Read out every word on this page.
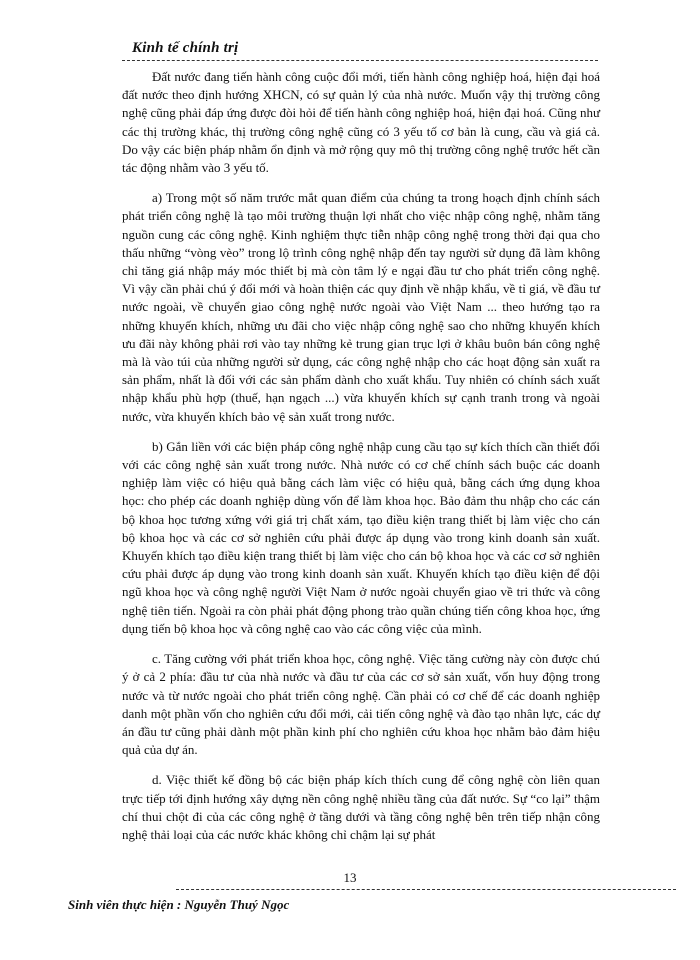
Kinh tế chính trị

Đất nước đang tiến hành công cuộc đổi mới, tiến hành công nghiệp hoá, hiện đại hoá đất nước theo định hướng XHCN, có sự quản lý của nhà nước. Muốn vậy thị trường công nghệ cũng phải đáp ứng được đòi hỏi để tiến hành công nghiệp hoá, hiện đại hoá. Cũng như các thị trường khác, thị trường công nghệ cũng có 3 yếu tố cơ bản là cung, cầu và giá cả. Do vậy các biện pháp nhằm ổn định và mở rộng quy mô thị trường công nghệ trước hết cần tác động nhằm vào 3 yếu tố.

a) Trong một số năm trước mắt quan điểm của chúng ta trong hoạch định chính sách phát triển công nghệ là tạo môi trường thuận lợi nhất cho việc nhập công nghệ, nhằm tăng nguồn cung các công nghệ. Kinh nghiệm thực tiễn nhập công nghệ trong thời đại qua cho thấu những “vòng vèo” trong lộ trình công nghệ nhập đến tay người sử dụng đã làm không chỉ tăng giá nhập máy móc thiết bị mà còn tâm lý e ngại đầu tư cho phát triển công nghệ. Vì vậy cần phải chú ý đổi mới và hoàn thiện các quy định về nhập khẩu, về tỉ giá, về đầu tư nước ngoài, về chuyển giao công nghệ nước ngoài vào Việt Nam ... theo hướng tạo ra những khuyến khích, những ưu đãi cho việc nhập công nghệ sao cho những khuyến khích ưu đãi này không phải rơi vào tay những kẻ trung gian trục lợi ở khâu buôn bán công nghệ mà là vào túi của những người sử dụng, các công nghệ nhập cho các hoạt động sản xuất ra sản phẩm, nhất là đối với các sản phẩm dành cho xuất khẩu. Tuy nhiên có chính sách xuất nhập khẩu phù hợp (thuế, hạn ngạch ...) vừa khuyến khích sự cạnh tranh trong và ngoài nước, vừa khuyến khích bảo vệ sản xuất trong nước.

b) Gắn liền với các biện pháp công nghệ nhập cung cầu tạo sự kích thích cần thiết đối với các công nghệ sản xuất trong nước. Nhà nước có cơ chế chính sách buộc các doanh nghiệp làm việc có hiệu quả bằng cách làm việc có hiệu quả, bằng cách ứng dụng khoa học: cho phép các doanh nghiệp dùng vốn để làm khoa học. Bảo đảm thu nhập cho các cán bộ khoa học tương xứng với giá trị chất xám, tạo điều kiện trang thiết bị làm việc cho cán bộ khoa học và các cơ sở nghiên cứu phải được áp dụng vào trong kinh doanh sản xuất. Khuyến khích tạo điều kiện trang thiết bị làm việc cho cán bộ khoa học và các cơ sở nghiên cứu phải được áp dụng vào trong kinh doanh sản xuất. Khuyến khích tạo điều kiện để đội ngũ khoa học và công nghệ người Việt Nam ở nước ngoài chuyển giao về tri thức và công nghệ tiên tiến. Ngoài ra còn phải phát động phong trào quần chúng tiến công khoa học, ứng dụng tiến bộ khoa học và công nghệ cao vào các công việc của mình.

c. Tăng cường với phát triển khoa học, công nghệ. Việc tăng cường này còn được chú ý ở cả 2 phía: đầu tư của nhà nước và đầu tư của các cơ sở sản xuất, vốn huy động trong nước và từ nước ngoài cho phát triển công nghệ. Cần phải có cơ chế để các doanh nghiệp danh một phần vốn cho nghiên cứu đổi mới, cải tiến công nghệ và đào tạo nhân lực, các dự án đầu tư cũng phải dành một phần kinh phí cho nghiên cứu khoa học nhằm bảo đảm hiệu quả của dự án.

d. Việc thiết kế đồng bộ các biện pháp kích thích cung để công nghệ còn liên quan trực tiếp tới định hướng xây dựng nền công nghệ nhiều tầng của đất nước. Sự “co lại” thậm chí thui chột đi của các công nghệ ở tầng dưới và tầng công nghệ bên trên tiếp nhận công nghệ thải loại của các nước khác không chỉ chậm lại sự phát

13
Sinh viên thực hiện : Nguyễn Thuý Ngọc
